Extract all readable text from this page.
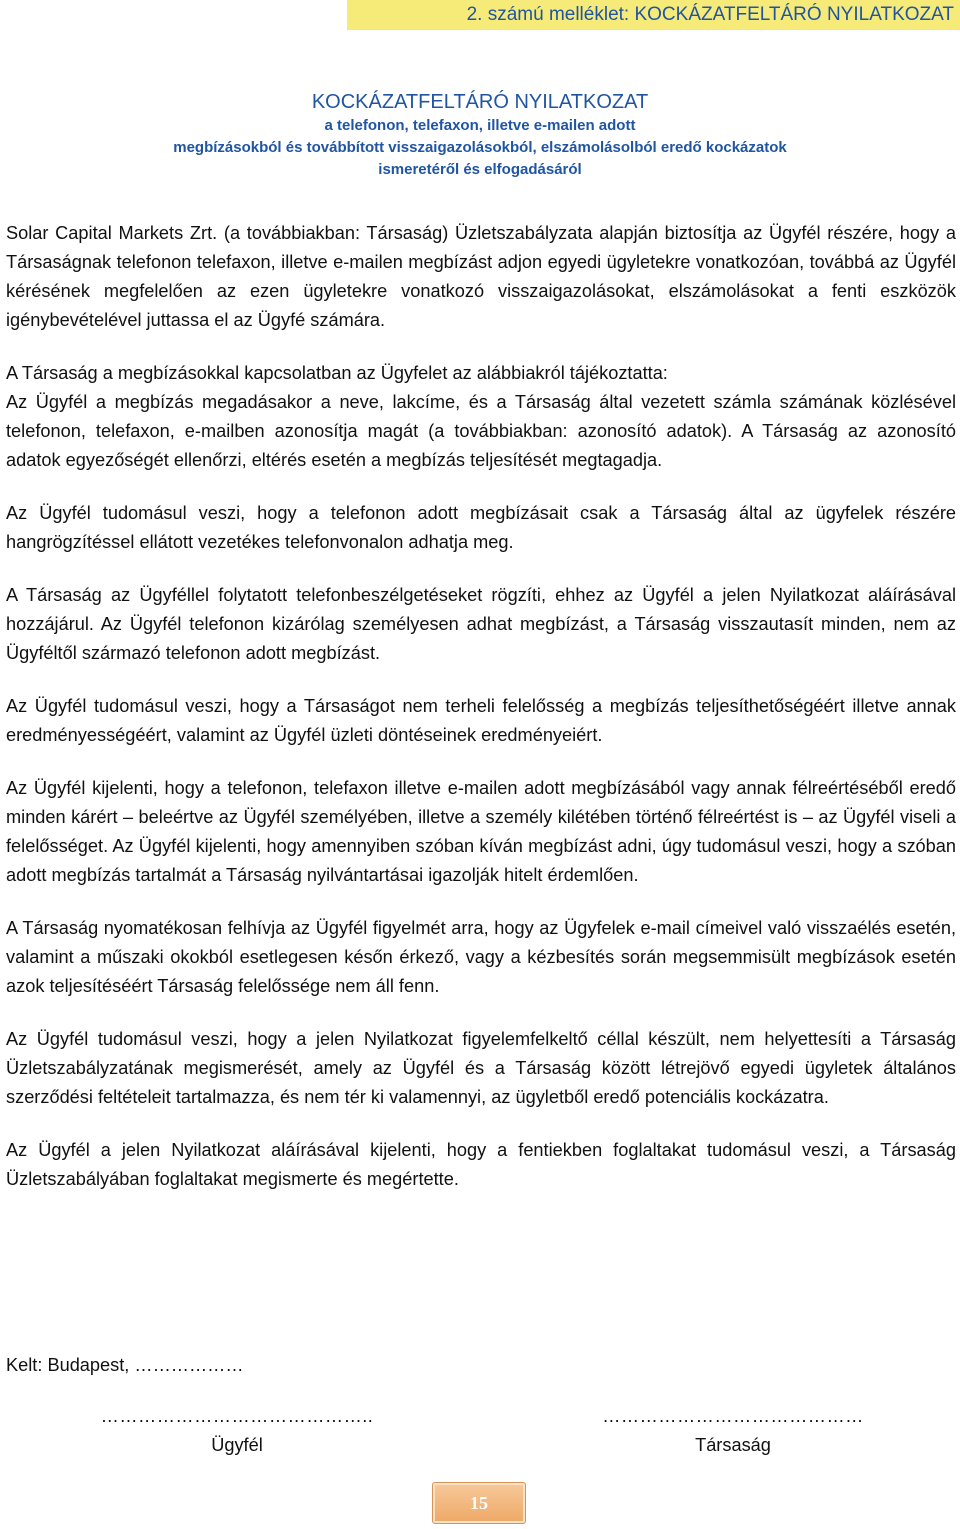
2. számú melléklet: KOCKÁZATFELTÁRÓ NYILATKOZAT
KOCKÁZATFELTÁRÓ NYILATKOZAT
a telefonon, telefaxon, illetve e-mailen adott
megbízásokból és továbbított visszaigazolásokból, elszámolásolból eredő kockázatok
ismeretéről és elfogadásáról

Solar Capital Markets Zrt. (a továbbiakban: Társaság) Üzletszabályzata alapján biztosítja az Ügyfél részére, hogy a Társaságnak telefonon telefaxon, illetve e-mailen megbízást adjon egyedi ügyletekre vonatkozóan, továbbá az Ügyfél kérésének megfelelően az ezen ügyletekre vonatkozó visszaigazolásokat, elszámolásokat a fenti eszközök igénybevételével juttassa el az Ügyfé számára.

A Társaság a megbízásokkal kapcsolatban az Ügyfelet az alábbiakról tájékoztatta:

Az Ügyfél a megbízás megadásakor a neve, lakcíme, és a Társaság által vezetett számla számának közlésével telefonon, telefaxon, e-mailben azonosítja magát (a továbbiakban: azonosító adatok). A Társaság az azonosító adatok egyezőségét ellenőrzi, eltérés esetén a megbízás teljesítését megtagadja.

Az Ügyfél tudomásul veszi, hogy a telefonon adott megbízásait csak a Társaság által az ügyfelek részére hangrögzítéssel ellátott vezetékes telefonvonalon adhatja meg.

A Társaság az Ügyféllel folytatott telefonbeszélgetéseket rögzíti, ehhez az Ügyfél a jelen Nyilatkozat aláírásával hozzájárul. Az Ügyfél telefonon kizárólag személyesen adhat megbízást, a Társaság visszautasít minden, nem az Ügyféltől származó telefonon adott megbízást.

Az Ügyfél tudomásul veszi, hogy a Társaságot nem terheli felelősség a megbízás teljesíthetőségéért illetve annak eredményességéért, valamint az Ügyfél üzleti döntéseinek eredményeiért.

Az Ügyfél kijelenti, hogy a telefonon, telefaxon illetve e-mailen adott megbízásából vagy annak félreértéséből eredő minden kárért – beleértve az Ügyfél személyében, illetve a személy kilétében történő félreértést is – az Ügyfél viseli a felelősséget. Az Ügyfél kijelenti, hogy amennyiben szóban kíván megbízást adni, úgy tudomásul veszi, hogy a szóban adott megbízás tartalmát a Társaság nyilvántartásai igazolják hitelt érdemlően.

A Társaság nyomatékosan felhívja az Ügyfél figyelmét arra, hogy az Ügyfelek e-mail címeivel való visszaélés esetén, valamint a műszaki okokból esetlegesen későn érkező, vagy a kézbesítés során megsemmisült megbízások esetén azok teljesítéséért Társaság felelőssége nem áll fenn.

Az Ügyfél tudomásul veszi, hogy a jelen Nyilatkozat figyelemfelkeltő céllal készült, nem helyettesíti a Társaság Üzletszabályzatának megismerését, amely az Ügyfél és a Társaság között létrejövő egyedi ügyletek általános szerződési feltételeit tartalmazza, és nem tér ki valamennyi, az ügyletből eredő potenciális kockázatra.

Az Ügyfél a jelen Nyilatkozat aláírásával kijelenti, hogy a fentiekben foglaltakat tudomásul veszi, a Társaság Üzletszabályában foglaltakat megismerte és megértette.

Kelt: Budapest, ………………
……………………………………..
Ügyfél
……………………………………
Társaság
15
